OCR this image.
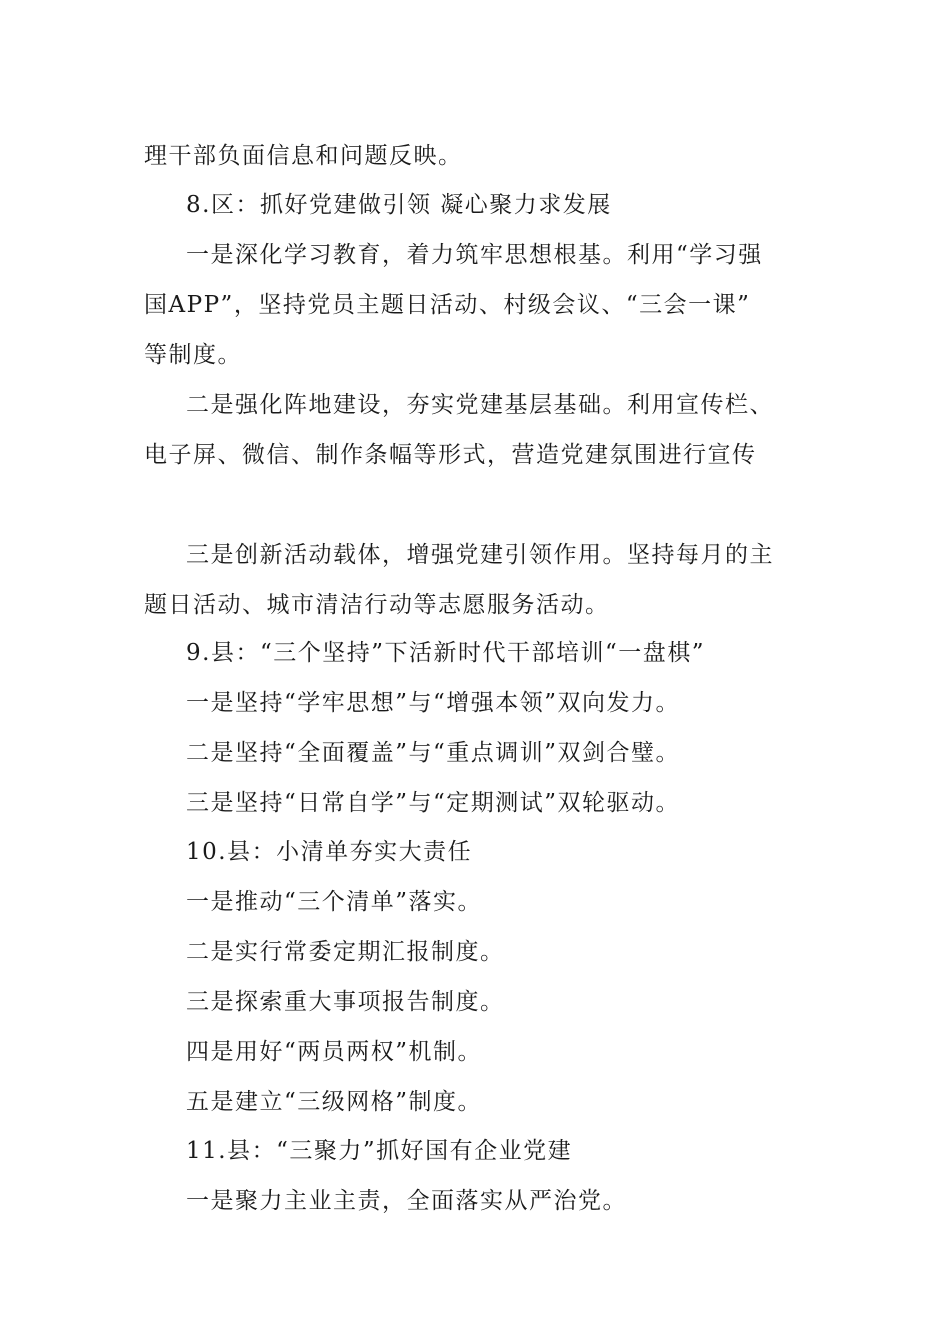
理干部负面信息和问题反映。
8.区：抓好党建做引领 凝心聚力求发展
一是深化学习教育，着力筑牢思想根基。利用“学习强
国APP”，坚持党员主题日活动、村级会议、“三会一课”
等制度。
二是强化阵地建设，夯实党建基层基础。利用宣传栏、
电子屏、微信、制作条幅等形式，营造党建氛围进行宣传
三是创新活动载体，增强党建引领作用。坚持每月的主
题日活动、城市清洁行动等志愿服务活动。
9.县：“三个坚持”下活新时代干部培训“一盘棋”
一是坚持“学牢思想”与“增强本领”双向发力。
二是坚持“全面覆盖”与“重点调训”双剑合璧。
三是坚持“日常自学”与“定期测试”双轮驱动。
10.县：小清单夯实大责任
一是推动“三个清单”落实。
二是实行常委定期汇报制度。
三是探索重大事项报告制度。
四是用好“两员两权”机制。
五是建立“三级网格”制度。
11.县：“三聚力”抓好国有企业党建
一是聚力主业主责，全面落实从严治党。
